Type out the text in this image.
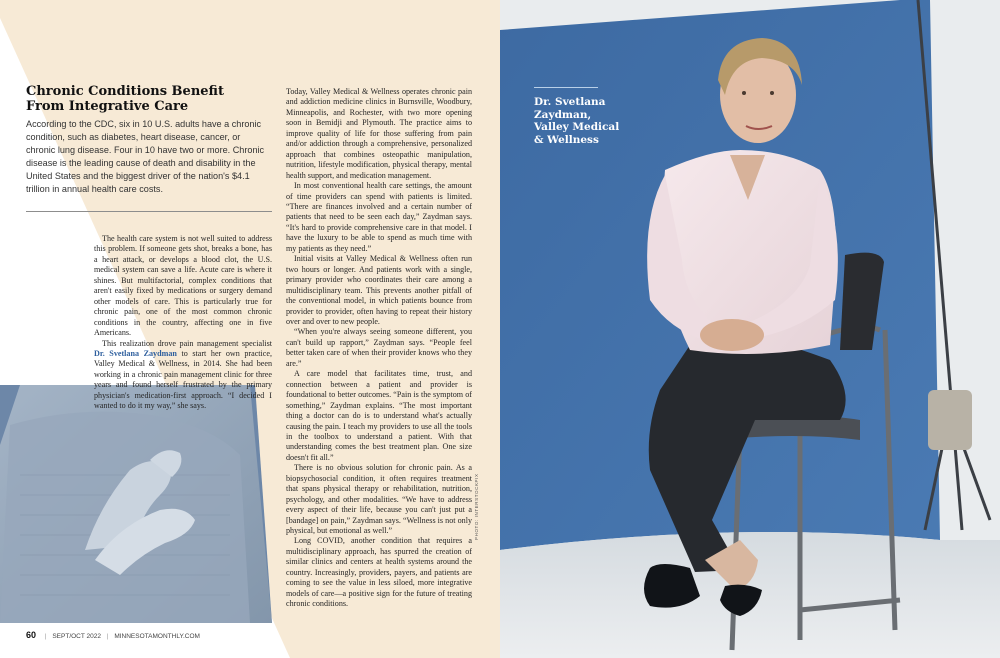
Chronic Conditions Benefit
From Integrative Care
According to the CDC, six in 10 U.S. adults have a chronic condition, such as diabetes, heart disease, cancer, or chronic lung disease. Four in 10 have two or more. Chronic disease is the leading cause of death and disability in the United States and the biggest driver of the nation's $4.1 trillion in annual health care costs.

The health care system is not well suited to address this problem. If someone gets shot, breaks a bone, has a heart attack, or develops a blood clot, the U.S. medical system can save a life. Acute care is where it shines. But multifactorial, complex conditions that aren't easily fixed by medications or surgery demand other models of care. This is particularly true for chronic pain, one of the most common chronic conditions in the country, affecting one in five Americans.

This realization drove pain management specialist Dr. Svetlana Zaydman to start her own practice, Valley Medical & Wellness, in 2014. She had been working in a chronic pain management clinic for three years and found herself frustrated by the primary physician's medication-first approach. “I decided I wanted to do it my way,” she says.

Today, Valley Medical & Wellness operates chronic pain and addiction medicine clinics in Burnsville, Woodbury, Minneapolis, and Rochester, with two more opening soon in Bemidji and Plymouth. The practice aims to improve quality of life for those suffering from pain and/or addiction through a comprehensive, personalized approach that combines osteopathic manipulation, nutrition, lifestyle modification, physical therapy, mental health support, and medication management.

In most conventional health care settings, the amount of time providers can spend with patients is limited. “There are finances involved and a certain number of patients that need to be seen each day,” Zaydman says. “It's hard to provide comprehensive care in that model. I have the luxury to be able to spend as much time with my patients as they need.”

Initial visits at Valley Medical & Wellness often run two hours or longer. And patients work with a single, primary provider who coordinates their care among a multidisciplinary team. This prevents another pitfall of the conventional model, in which patients bounce from provider to provider, often having to repeat their history over and over to new people.

“When you're always seeing someone different, you can't build up rapport,” Zaydman says. “People feel better taken care of when their provider knows who they are.”

A care model that facilitates time, trust, and connection between a patient and provider is foundational to better outcomes. “Pain is the symptom of something,” Zaydman explains. “The most important thing a doctor can do is to understand what's actually causing the pain. I teach my providers to use all the tools in the toolbox to understand a patient. With that understanding comes the best treatment plan. One size doesn't fit all.”

There is no obvious solution for chronic pain. As a biopsychosocial condition, it often requires treatment that spans physical therapy or rehabilitation, nutrition, psychology, and other modalities. “We have to address every aspect of their life, because you can't just put a [bandage] on pain,” Zaydman says. “Wellness is not only physical, but emotional as well.”

Long COVID, another condition that requires a multidisciplinary approach, has spurred the creation of similar clinics and centers at health systems around the country. Increasingly, providers, payers, and patients are coming to see the value in less siloed, more integrative models of care—a positive sign for the future of treating chronic conditions.

PHOTO: INTERSTOCKPIX
60 | SEPT/OCT 2022 | MINNESOTAMONTHLY.COM
Dr. Svetlana
Zaydman,
Valley Medical
& Wellness
